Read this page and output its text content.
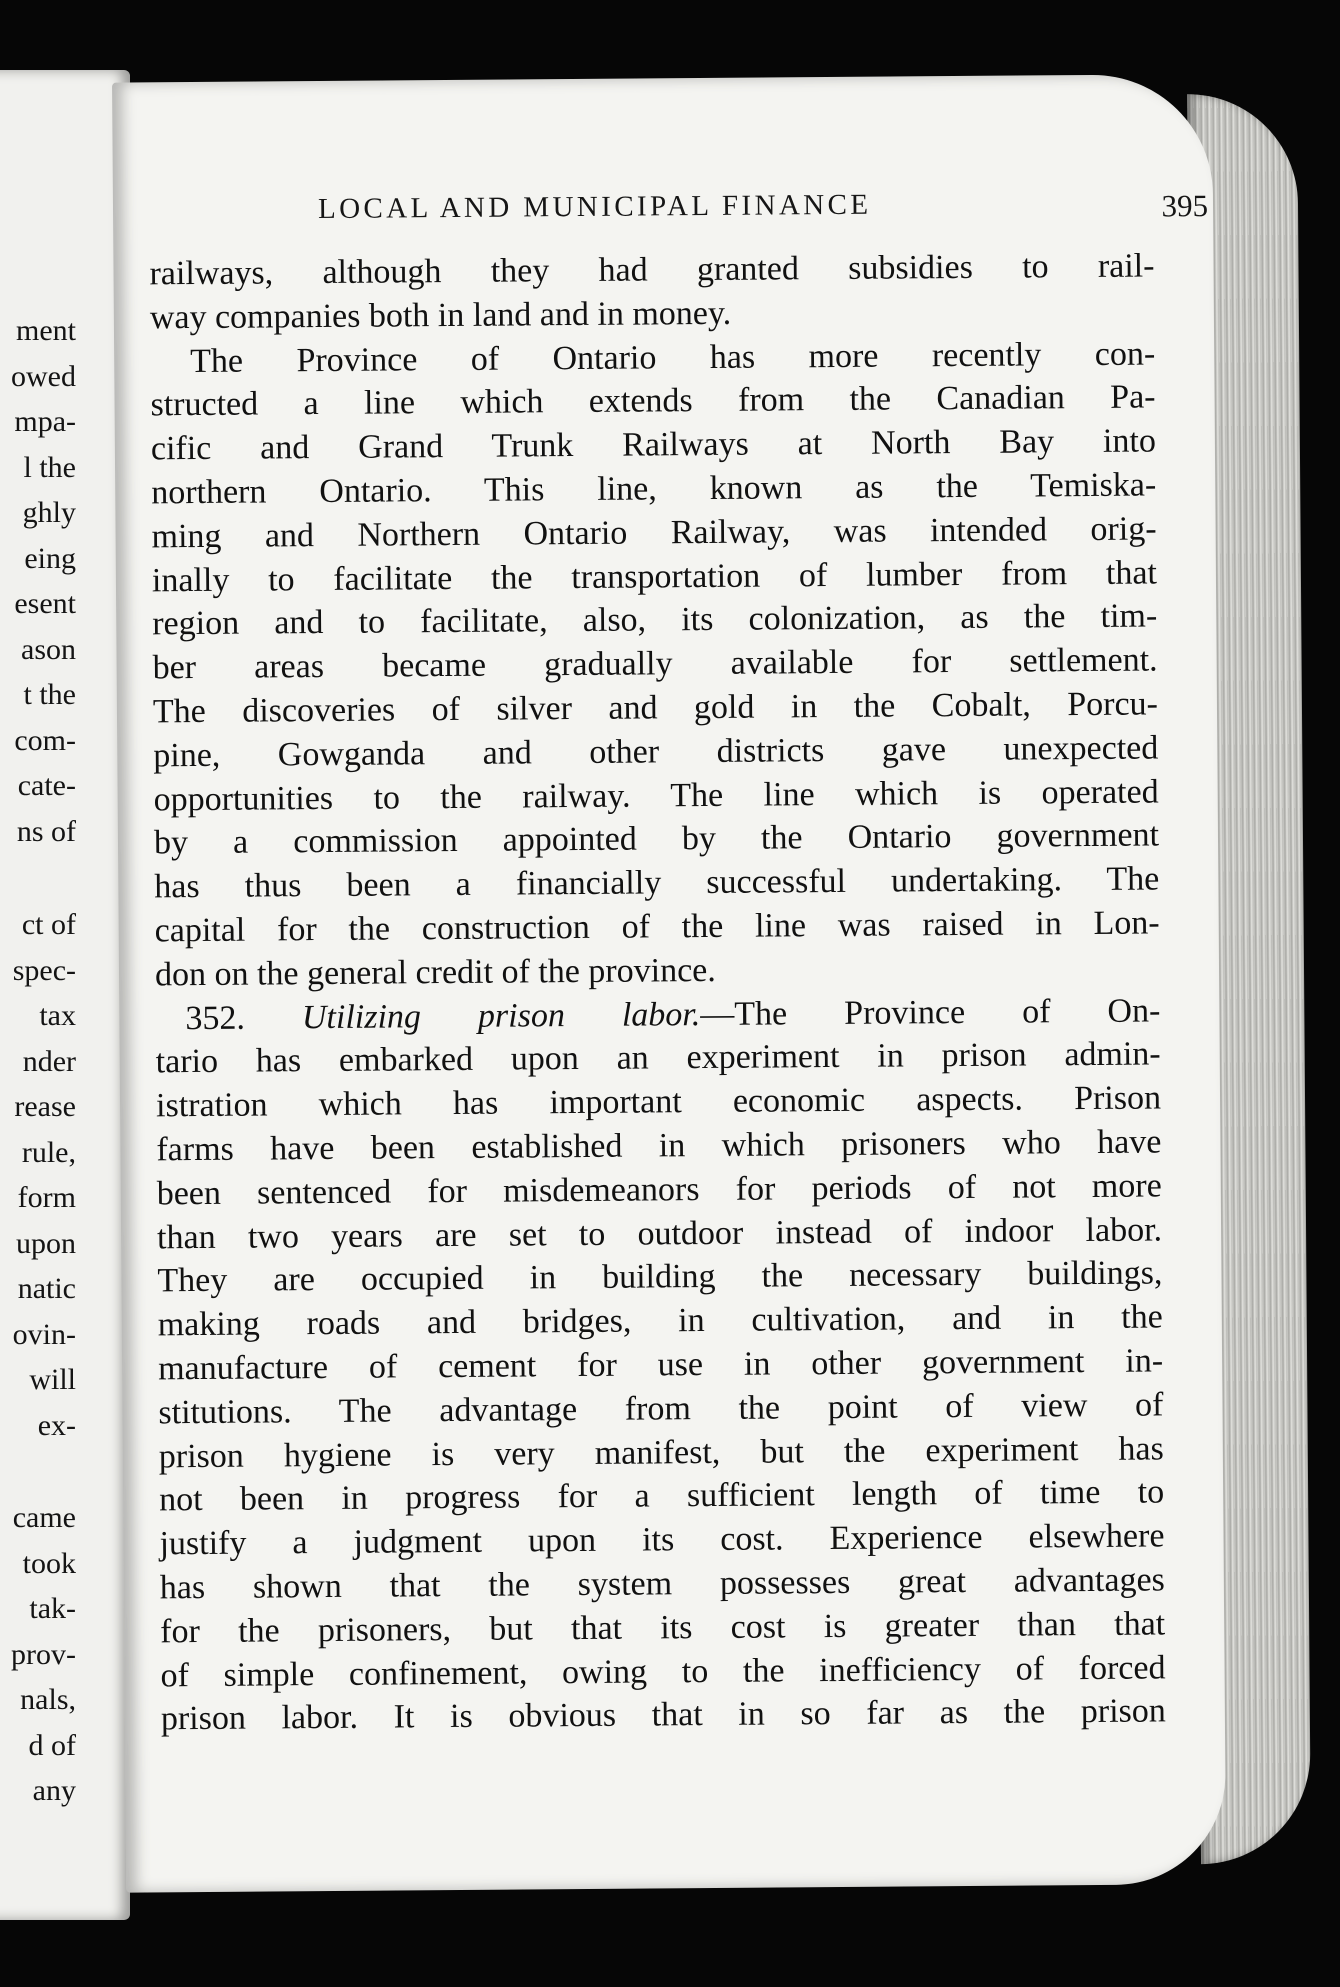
ment
owed
mpa-
l the
ghly
eing
esent
ason
t the
com-
cate-
ns of
ct of
spec-
tax
nder
rease
rule,
form
upon
natic
ovin-
will
ex-
came
took
tak-
prov-
nals,
d of
any
LOCAL AND MUNICIPAL FINANCE	395
railways, although they had granted subsidies to rail-
way companies both in land and in money.
The Province of Ontario has more recently con-
structed a line which extends from the Canadian Pa-
cific and Grand Trunk Railways at North Bay into
northern Ontario. This line, known as the Temiska-
ming and Northern Ontario Railway, was intended orig-
inally to facilitate the transportation of lumber from that
region and to facilitate, also, its colonization, as the tim-
ber areas became gradually available for settlement.
The discoveries of silver and gold in the Cobalt, Porcu-
pine, Gowganda and other districts gave unexpected
opportunities to the railway. The line which is operated
by a commission appointed by the Ontario government
has thus been a financially successful undertaking. The
capital for the construction of the line was raised in Lon-
don on the general credit of the province.
352. Utilizing prison labor.—The Province of On-
tario has embarked upon an experiment in prison admin-
istration which has important economic aspects. Prison
farms have been established in which prisoners who have
been sentenced for misdemeanors for periods of not more
than two years are set to outdoor instead of indoor labor.
They are occupied in building the necessary buildings,
making roads and bridges, in cultivation, and in the
manufacture of cement for use in other government in-
stitutions. The advantage from the point of view of
prison hygiene is very manifest, but the experiment has
not been in progress for a sufficient length of time to
justify a judgment upon its cost. Experience elsewhere
has shown that the system possesses great advantages
for the prisoners, but that its cost is greater than that
of simple confinement, owing to the inefficiency of forced
prison labor. It is obvious that in so far as the prison
